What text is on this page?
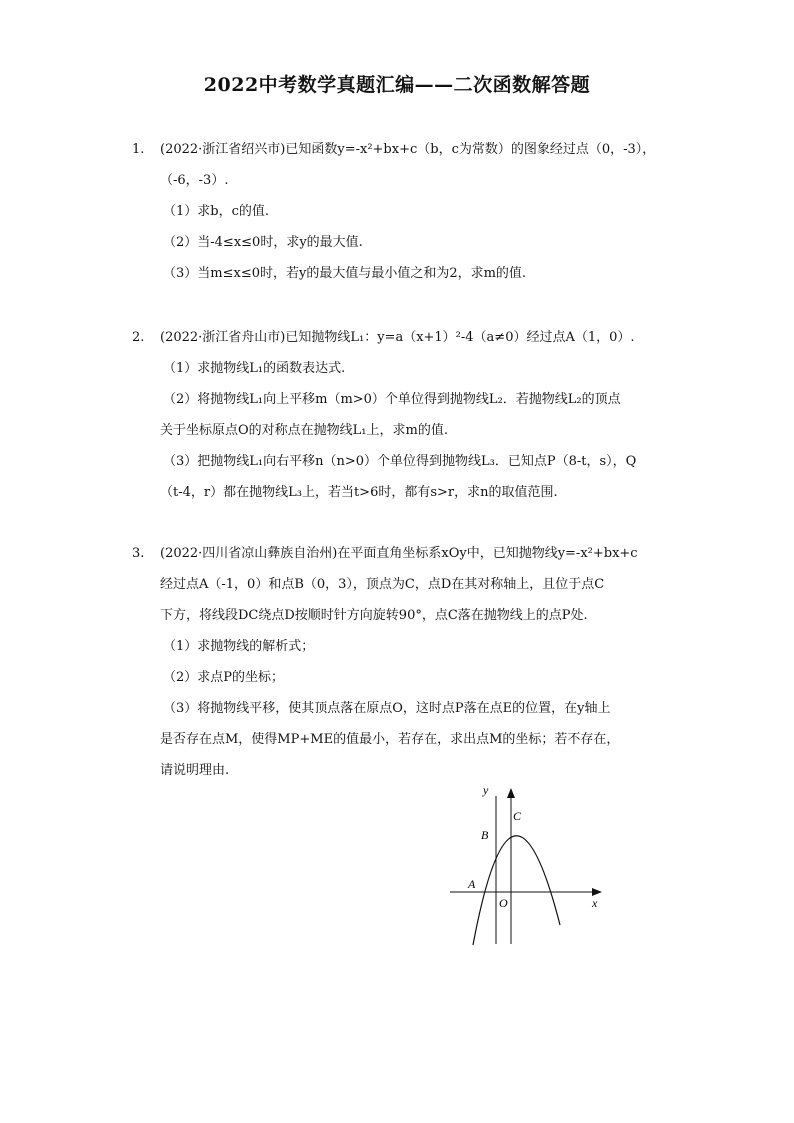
2022中考数学真题汇编——二次函数解答题
1.	(2022·浙江省绍兴市)已知函数y=-x²+bx+c（b，c为常数）的图象经过点（0，-3），
（-6，-3）.
（1）求b，c的值.
（2）当-4≤x≤0时，求y的最大值.
（3）当m≤x≤0时，若y的最大值与最小值之和为2，求m的值.
2.	(2022·浙江省舟山市)已知抛物线L₁：y=a（x+1）²-4（a≠0）经过点A（1，0）.
（1）求抛物线L₁的函数表达式.
（2）将抛物线L₁向上平移m（m>0）个单位得到抛物线L₂．若抛物线L₂的顶点
关于坐标原点O的对称点在抛物线L₁上，求m的值.
（3）把抛物线L₁向右平移n（n>0）个单位得到抛物线L₃．已知点P（8-t，s），Q
（t-4，r）都在抛物线L₃上，若当t>6时，都有s>r，求n的取值范围.
3.	(2022·四川省凉山彝族自治州)在平面直角坐标系xOy中，已知抛物线y=-x²+bx+c
经过点A（-1，0）和点B（0，3），顶点为C，点D在其对称轴上，且位于点C
下方，将线段DC绕点D按顺时针方向旋转90°，点C落在抛物线上的点P处.
（1）求抛物线的解析式；
（2）求点P的坐标；
（3）将抛物线平移，使其顶点落在原点O，这时点P落在点E的位置，在y轴上
是否存在点M，使得MP+ME的值最小，若存在，求出点M的坐标；若不存在，
请说明理由.
y
x
O
A
B
C
